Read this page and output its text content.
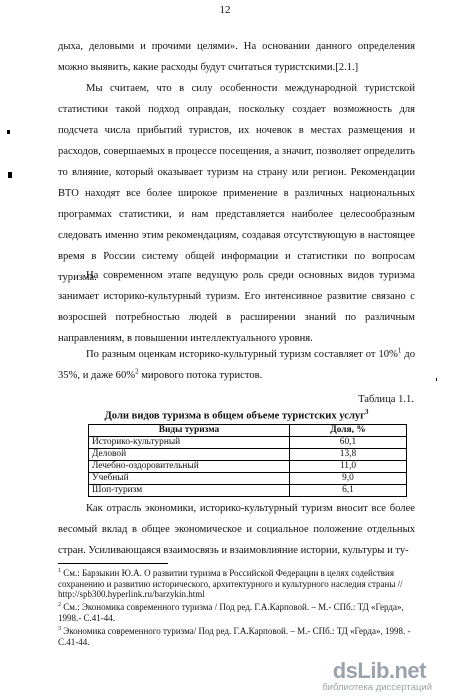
12

дыха, деловыми и прочими целями». На основании данного определения можно выявить, какие расходы будут считаться туристскими.[2.1.]

Мы считаем, что в силу особенности международной туристской статистики такой подход оправдан, поскольку создает возможность для подсчета числа прибытий туристов, их ночевок в местах размещения и расходов, совершаемых в процессе посещения, а значит, позволяет определить то влияние, который оказывает туризм на страну или регион. Рекомендации ВТО находят все более широкое применение в различных национальных программах статистики, и нам представляется наиболее целесообразным следовать именно этим рекомендациям, создавая отсутствующую в настоящее время в России систему общей информации и статистики по вопросам туризма.

На современном этапе ведущую роль среди основных видов туризма занимает историко-культурный туризм. Его интенсивное развитие связано с возросшей потребностью людей в расширении знаний по различным направлениям, в повышении интеллектуального уровня.

По разным оценкам историко-культурный туризм составляет от 10%$^1$ до 35%, и даже 60%$^2$ мирового потока туристов.

Таблица 1.1.
Доли видов туризма в общем объеме туристских услуг$^3$
Виды туризма	Доля, %
Историко-культурный	60,1
Деловой	13,8
Лечебно-оздоровительный	11,0
Учебный	9,0
Шоп-туризм	6,1

Как отрасль экономики, историко-культурный туризм вносит все более весомый вклад в общее экономическое и социальное положение отдельных стран. Усиливающаяся взаимосвязь и взаимовлияние истории, культуры и ту-

$^1$ См.: Барзыкин Ю.А. О развитии туризма в Российской Федерации в целях содействия сохранению и развитию исторического, архитектурного и культурного наследия страны // http://spb300.hyperlink.ru/barzykin.html

$^2$ См.: Экономика современного туризма / Под ред. Г.А.Карповой. – М.- СПб.: ТД «Герда», 1998.- С.41-44.

$^3$ Экономика современного туризма/ Под ред. Г.А.Карповой. – М.- СПб.: ТД «Герда», 1998. - С.41-44.

dsLib.net
библиотека диссертаций
